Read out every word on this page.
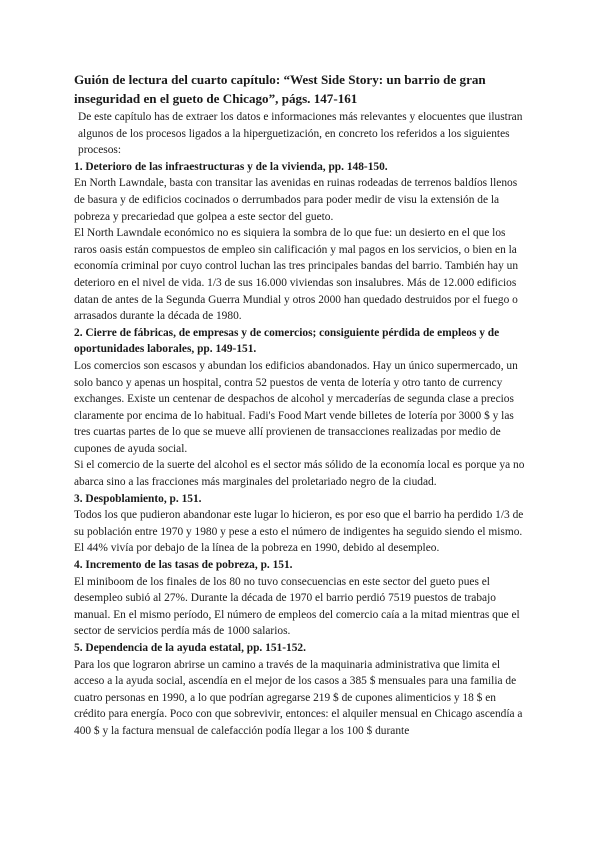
Guión de lectura del cuarto capítulo: “West Side Story: un barrio de gran inseguridad en el gueto de Chicago”, págs. 147-161

De este capítulo has de extraer los datos e informaciones más relevantes y elocuentes que ilustran algunos de los procesos ligados a la hiperguetización, en concreto los referidos a los siguientes procesos:

1. Deterioro de las infraestructuras y de la vivienda, pp. 148-150.

En North Lawndale, basta con transitar las avenidas en ruinas rodeadas de terrenos baldíos llenos de basura y de edificios cocinados o derrumbados para poder medir de visu la extensión de la pobreza y precariedad que golpea a este sector del gueto.

El North Lawndale económico no es siquiera la sombra de lo que fue: un desierto en el que los raros oasis están compuestos de empleo sin calificación y mal pagos en los servicios, o bien en la economía criminal por cuyo control luchan las tres principales bandas del barrio. También hay un deterioro en el nivel de vida. 1/3 de sus 16.000 viviendas son insalubres. Más de 12.000 edificios datan de antes de la Segunda Guerra Mundial y otros 2000 han quedado destruidos por el fuego o arrasados durante la década de 1980.

2. Cierre de fábricas, de empresas y de comercios; consiguiente pérdida de empleos y de oportunidades laborales, pp. 149-151.

Los comercios son escasos y abundan los edificios abandonados. Hay un único supermercado, un solo banco y apenas un hospital, contra 52 puestos de venta de lotería y otro tanto de currency exchanges. Existe un centenar de despachos de alcohol y mercaderías de segunda clase a precios claramente por encima de lo habitual. Fadi's Food Mart vende billetes de lotería por 3000 $ y las tres cuartas partes de lo que se mueve allí provienen de transacciones realizadas por medio de cupones de ayuda social.

Si el comercio de la suerte del alcohol es el sector más sólido de la economía local es porque ya no abarca sino a las fracciones más marginales del proletariado negro de la ciudad.

3. Despoblamiento, p. 151.

Todos los que pudieron abandonar este lugar lo hicieron, es por eso que el barrio ha perdido 1/3 de su población entre 1970 y 1980 y pese a esto el número de indigentes ha seguido siendo el mismo. El 44% vivía por debajo de la línea de la pobreza en 1990, debido al desempleo.

4. Incremento de las tasas de pobreza, p. 151.

El miniboom de los finales de los 80 no tuvo consecuencias en este sector del gueto pues el desempleo subió al 27%. Durante la década de 1970 el barrio perdió 7519 puestos de trabajo manual. En el mismo período, El número de empleos del comercio caía a la mitad mientras que el sector de servicios perdía más de 1000 salarios.

5. Dependencia de la ayuda estatal, pp. 151-152.

Para los que lograron abrirse un camino a través de la maquinaria administrativa que limita el acceso a la ayuda social, ascendía en el mejor de los casos a 385 $ mensuales para una familia de cuatro personas en 1990, a lo que podrían agregarse 219 $ de cupones alimenticios y 18 $ en crédito para energía. Poco con que sobrevivir, entonces: el alquiler mensual en Chicago ascendía a 400 $ y la factura mensual de calefacción podía llegar a los 100 $ durante
